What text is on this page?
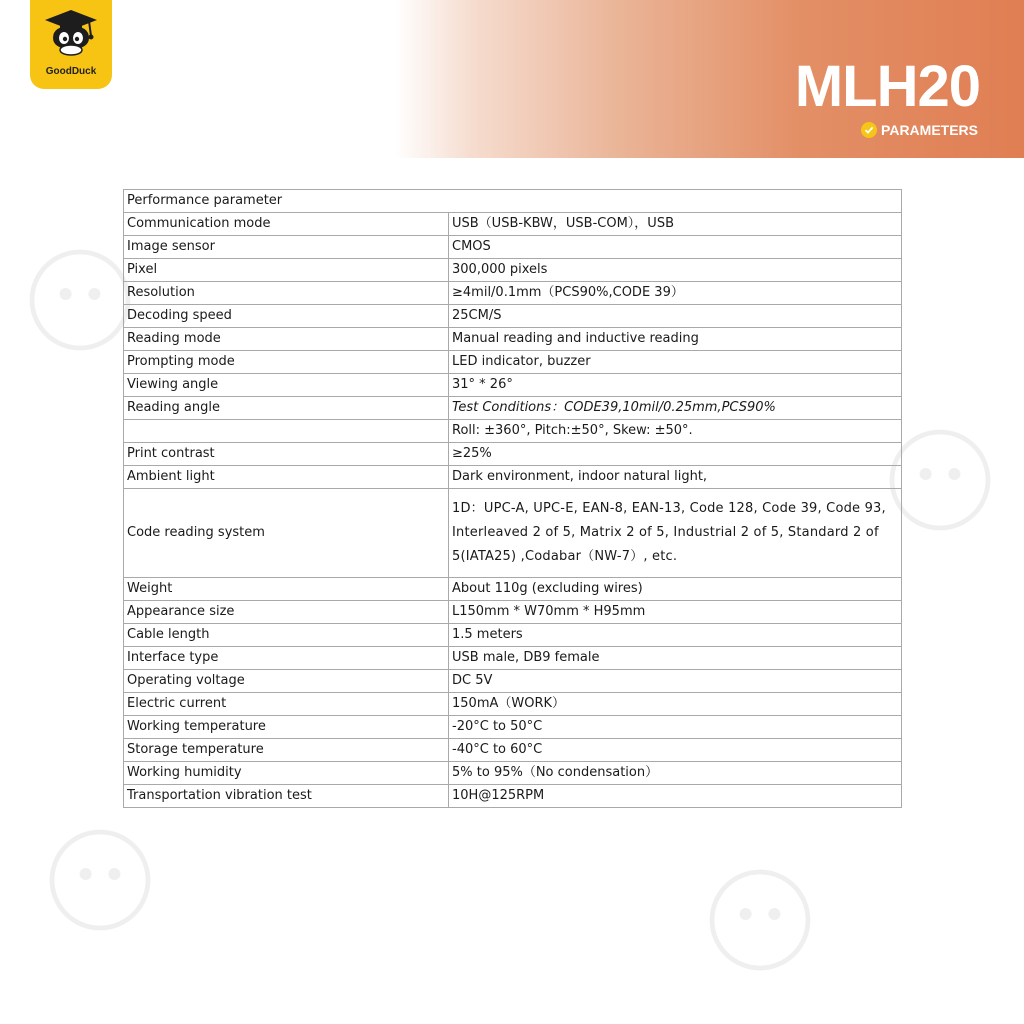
GoodDuck	MLH20
PARAMETERS
Performance parameter	
Communication mode	USB（USB-KBW，USB-COM），USB
Image sensor	CMOS
Pixel	300,000 pixels
Resolution	≥4mil/0.1mm（PCS90%,CODE 39）
Decoding speed	25CM/S
Reading mode	Manual reading and inductive reading
Prompting mode	LED indicator, buzzer
Viewing angle	31° * 26°
Reading angle	Test Conditions：CODE39,10mil/0.25mm,PCS90%
	Roll: ±360°, Pitch:±50°, Skew: ±50°.
Print contrast	≥25%
Ambient light	Dark environment, indoor natural light,
Code reading system	1D：UPC-A, UPC-E, EAN-8, EAN-13, Code 128, Code 39, Code 93, Interleaved 2 of 5, Matrix 2 of 5, Industrial 2 of 5, Standard 2 of 5(IATA25) ,Codabar（NW-7）, etc.
Weight	About 110g (excluding wires)
Appearance size	L150mm * W70mm * H95mm
Cable length	1.5 meters
Interface type	USB male, DB9 female
Operating voltage	DC 5V
Electric current	150mA（WORK）
Working temperature	-20°C to 50°C
Storage temperature	-40°C to 60°C
Working humidity	5% to 95%（No condensation）
Transportation vibration test	10H@125RPM
